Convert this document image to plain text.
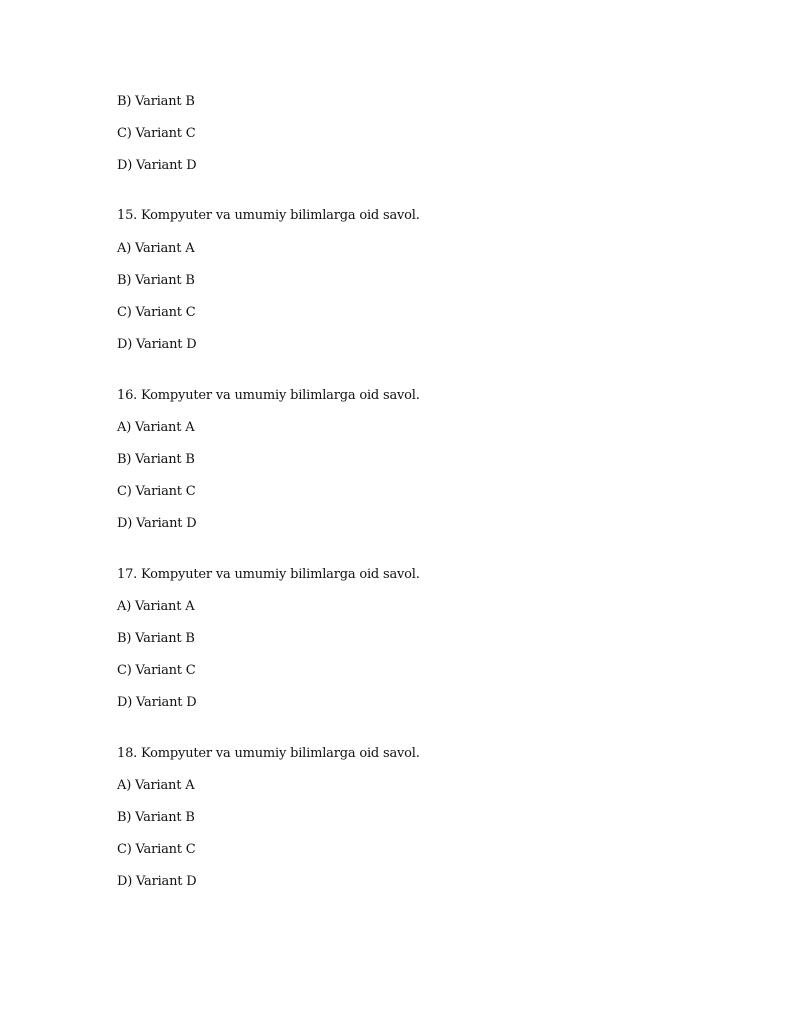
B) Variant B
C) Variant C
D) Variant D
15. Kompyuter va umumiy bilimlarga oid savol.
A) Variant A
B) Variant B
C) Variant C
D) Variant D
16. Kompyuter va umumiy bilimlarga oid savol.
A) Variant A
B) Variant B
C) Variant C
D) Variant D
17. Kompyuter va umumiy bilimlarga oid savol.
A) Variant A
B) Variant B
C) Variant C
D) Variant D
18. Kompyuter va umumiy bilimlarga oid savol.
A) Variant A
B) Variant B
C) Variant C
D) Variant D
